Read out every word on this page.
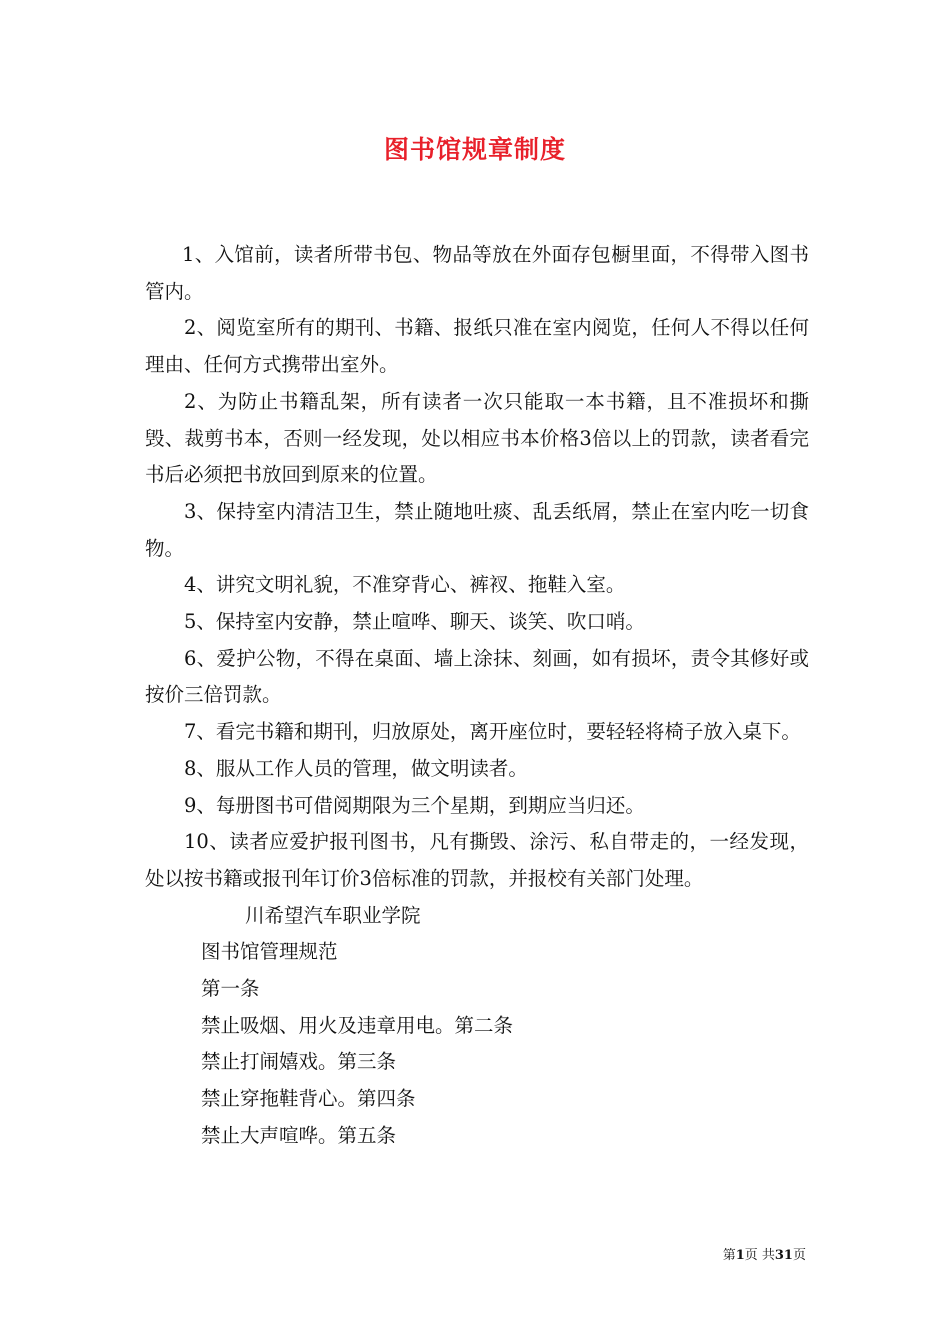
图书馆规章制度

1、入馆前，读者所带书包、物品等放在外面存包橱里面，不得带入图书管内。

2、阅览室所有的期刊、书籍、报纸只准在室内阅览，任何人不得以任何理由、任何方式携带出室外。

2、为防止书籍乱架，所有读者一次只能取一本书籍，且不准损坏和撕毁、裁剪书本，否则一经发现，处以相应书本价格3倍以上的罚款，读者看完书后必须把书放回到原来的位置。

3、保持室内清洁卫生，禁止随地吐痰、乱丢纸屑，禁止在室内吃一切食物。

4、讲究文明礼貌，不准穿背心、裤衩、拖鞋入室。

5、保持室内安静，禁止喧哗、聊天、谈笑、吹口哨。

6、爱护公物，不得在桌面、墙上涂抹、刻画，如有损坏，责令其修好或按价三倍罚款。

7、看完书籍和期刊，归放原处，离开座位时，要轻轻将椅子放入桌下。

8、服从工作人员的管理，做文明读者。

9、每册图书可借阅期限为三个星期，到期应当归还。

10、读者应爱护报刊图书，凡有撕毁、涂污、私自带走的，一经发现，处以按书籍或报刊年订价3倍标准的罚款，并报校有关部门处理。

川希望汽车职业学院

图书馆管理规范

第一条

禁止吸烟、用火及违章用电。第二条

禁止打闹嬉戏。第三条

禁止穿拖鞋背心。第四条

禁止大声喧哗。第五条

第1页 共31页
